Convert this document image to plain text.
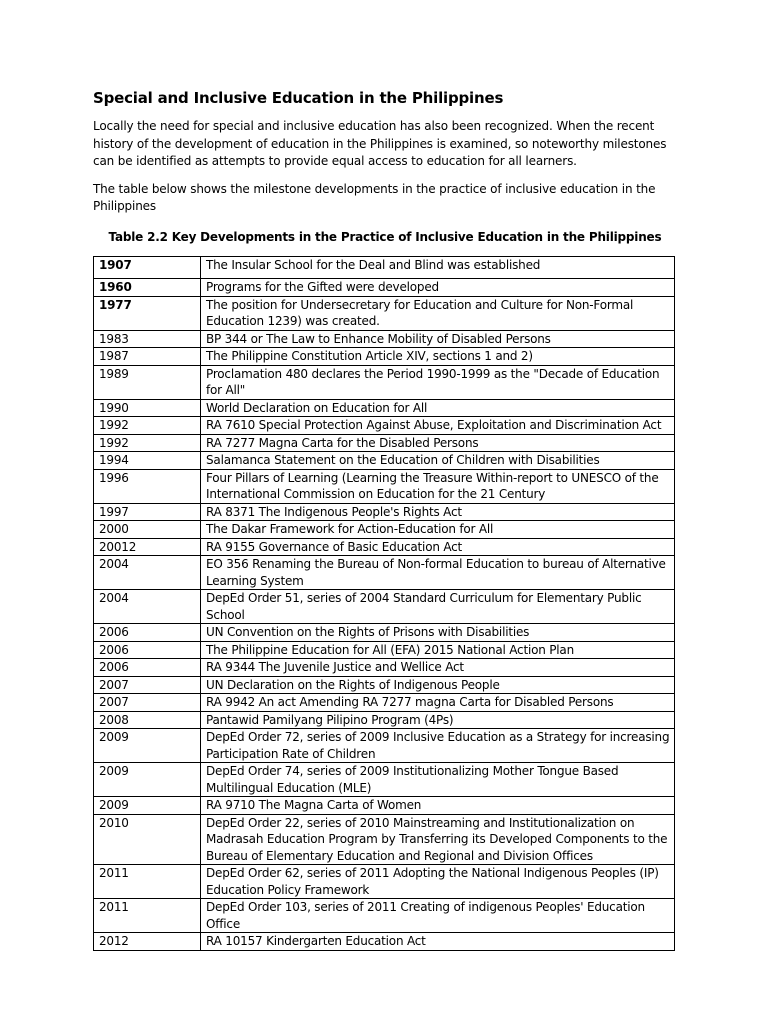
Special and Inclusive Education in the Philippines

Locally the need for special and inclusive education has also been recognized. When the recent history of the development of education in the Philippines is examined, so noteworthy milestones can be identified as attempts to provide equal access to education for all learners.

The table below shows the milestone developments in the practice of inclusive education in the Philippines

Table 2.2 Key Developments in the Practice of Inclusive Education in the Philippines
1907	The Insular School for the Deal and Blind was established
1960	Programs for the Gifted were developed
1977	The position for Undersecretary for Education and Culture for Non-Formal Education 1239) was created.
1983	BP 344 or The Law to Enhance Mobility of Disabled Persons
1987	The Philippine Constitution Article XIV, sections 1 and 2)
1989	Proclamation 480 declares the Period 1990-1999 as the "Decade of Education for All"
1990	World Declaration on Education for All
1992	RA 7610 Special Protection Against Abuse, Exploitation and Discrimination Act
1992	RA 7277 Magna Carta for the Disabled Persons
1994	Salamanca Statement on the Education of Children with Disabilities
1996	Four Pillars of Learning (Learning the Treasure Within-report to UNESCO of the International Commission on Education for the 21 Century
1997	RA 8371 The Indigenous People's Rights Act
2000	The Dakar Framework for Action-Education for All
20012	RA 9155 Governance of Basic Education Act
2004	EO 356 Renaming the Bureau of Non-formal Education to bureau of Alternative Learning System
2004	DepEd Order 51, series of 2004 Standard Curriculum for Elementary Public School
2006	UN Convention on the Rights of Prisons with Disabilities
2006	The Philippine Education for All (EFA) 2015 National Action Plan
2006	RA 9344 The Juvenile Justice and Wellice Act
2007	UN Declaration on the Rights of Indigenous People
2007	RA 9942 An act Amending RA 7277 magna Carta for Disabled Persons
2008	Pantawid Pamilyang Pilipino Program (4Ps)
2009	DepEd Order 72, series of 2009 Inclusive Education as a Strategy for increasing Participation Rate of Children
2009	DepEd Order 74, series of 2009 Institutionalizing Mother Tongue Based Multilingual Education (MLE)
2009	RA 9710 The Magna Carta of Women
2010	DepEd Order 22, series of 2010 Mainstreaming and Institutionalization on Madrasah Education Program by Transferring its Developed Components to the Bureau of Elementary Education and Regional and Division Offices
2011	DepEd Order 62, series of 2011 Adopting the National Indigenous Peoples (IP) Education Policy Framework
2011	DepEd Order 103, series of 2011 Creating of indigenous Peoples' Education Office
2012	RA 10157 Kindergarten Education Act
